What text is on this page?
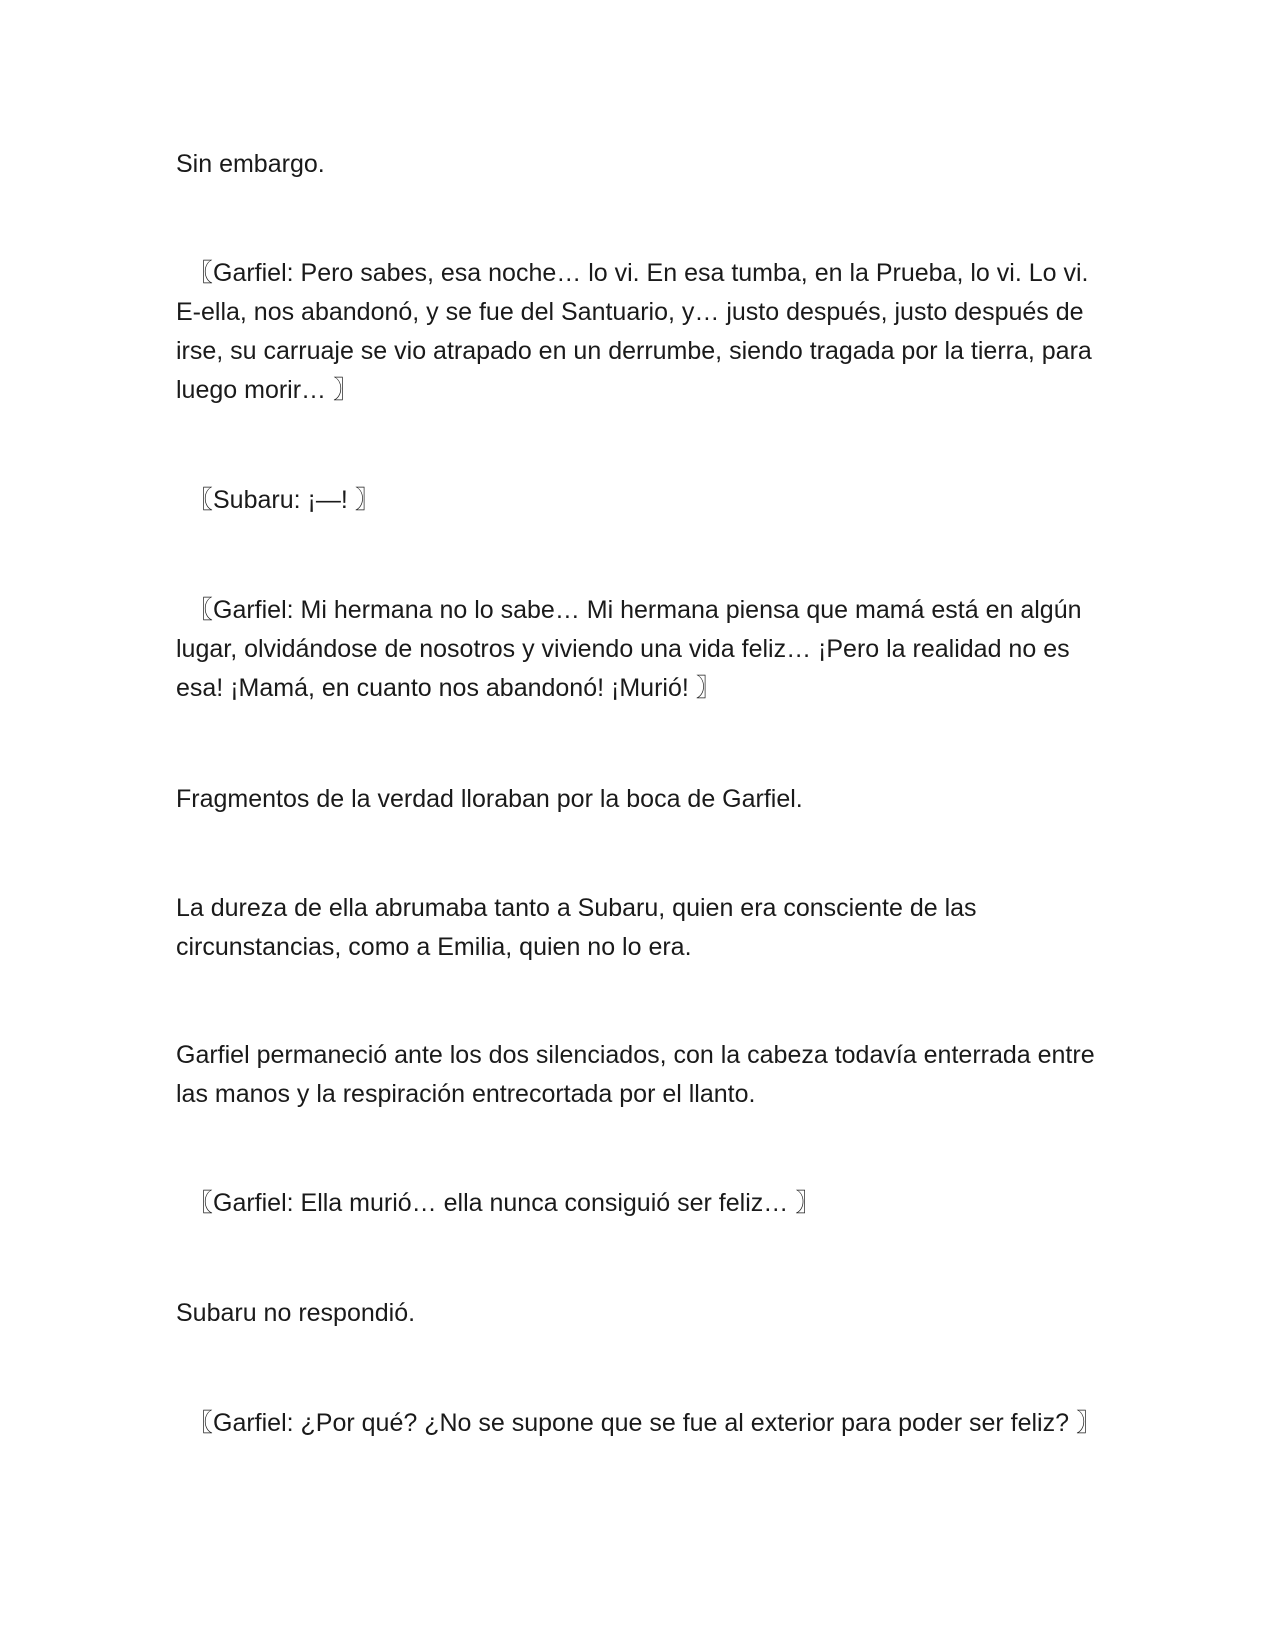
Sin embargo.

〖Garfiel: Pero sabes, esa noche… lo vi. En esa tumba, en la Prueba, lo vi. Lo vi. E-ella, nos abandonó, y se fue del Santuario, y… justo después, justo después de irse, su carruaje se vio atrapado en un derrumbe, siendo tragada por la tierra, para luego morir… 〗

〖Subaru: ¡—! 〗

〖Garfiel: Mi hermana no lo sabe… Mi hermana piensa que mamá está en algún lugar, olvidándose de nosotros y viviendo una vida feliz… ¡Pero la realidad no es esa! ¡Mamá, en cuanto nos abandonó! ¡Murió! 〗

Fragmentos de la verdad lloraban por la boca de Garfiel.

La dureza de ella abrumaba tanto a Subaru, quien era consciente de las circunstancias, como a Emilia, quien no lo era.

Garfiel permaneció ante los dos silenciados, con la cabeza todavía enterrada entre las manos y la respiración entrecortada por el llanto.

〖Garfiel: Ella murió… ella nunca consiguió ser feliz… 〗

Subaru no respondió.

〖Garfiel: ¿Por qué? ¿No se supone que se fue al exterior para poder ser feliz? 〗
